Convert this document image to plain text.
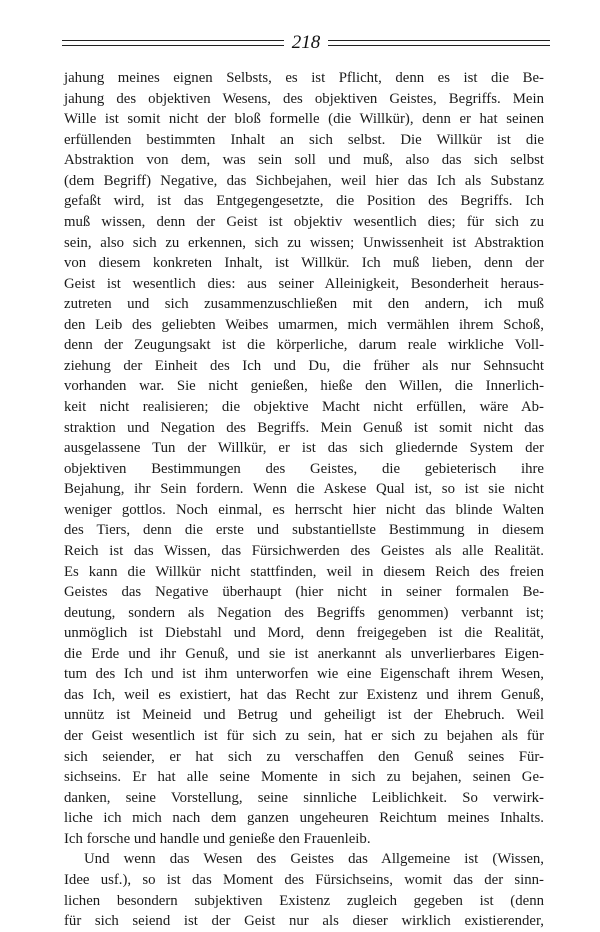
218
jahung meines eignen Selbsts, es ist Pflicht, denn es ist die Be-
jahung des objektiven Wesens, des objektiven Geistes, Begriffs. Mein
Wille ist somit nicht der bloß formelle (die Willkür), denn er hat seinen
erfüllenden bestimmten Inhalt an sich selbst. Die Willkür ist die
Abstraktion von dem, was sein soll und muß, also das sich selbst
(dem Begriff) Negative, das Sichbejahen, weil hier das Ich als Substanz
gefaßt wird, ist das Entgegengesetzte, die Position des Begriffs. Ich
muß wissen, denn der Geist ist objektiv wesentlich dies; für sich zu
sein, also sich zu erkennen, sich zu wissen; Unwissenheit ist Abstraktion
von diesem konkreten Inhalt, ist Willkür. Ich muß lieben, denn der
Geist ist wesentlich dies: aus seiner Alleinigkeit, Besonderheit heraus-
zutreten und sich zusammenzuschließen mit den andern, ich muß
den Leib des geliebten Weibes umarmen, mich vermählen ihrem Schoß,
denn der Zeugungsakt ist die körperliche, darum reale wirkliche Voll-
ziehung der Einheit des Ich und Du, die früher als nur Sehnsucht
vorhanden war. Sie nicht genießen, hieße den Willen, die Innerlich-
keit nicht realisieren; die objektive Macht nicht erfüllen, wäre Ab-
straktion und Negation des Begriffs. Mein Genuß ist somit nicht das
ausgelassene Tun der Willkür, er ist das sich gliedernde System der
objektiven Bestimmungen des Geistes, die gebieterisch ihre
Bejahung, ihr Sein fordern. Wenn die Askese Qual ist, so ist sie nicht
weniger gottlos. Noch einmal, es herrscht hier nicht das blinde Walten
des Tiers, denn die erste und substantiellste Bestimmung in diesem
Reich ist das Wissen, das Fürsichwerden des Geistes als alle Realität.
Es kann die Willkür nicht stattfinden, weil in diesem Reich des freien
Geistes das Negative überhaupt (hier nicht in seiner formalen Be-
deutung, sondern als Negation des Begriffs genommen) verbannt ist;
unmöglich ist Diebstahl und Mord, denn freigegeben ist die Realität,
die Erde und ihr Genuß, und sie ist anerkannt als unverlierbares Eigen-
tum des Ich und ist ihm unterworfen wie eine Eigenschaft ihrem Wesen,
das Ich, weil es existiert, hat das Recht zur Existenz und ihrem Genuß,
unnütz ist Meineid und Betrug und geheiligt ist der Ehebruch. Weil
der Geist wesentlich ist für sich zu sein, hat er sich zu bejahen als für
sich seiender, er hat sich zu verschaffen den Genuß seines Für-
sichseins. Er hat alle seine Momente in sich zu bejahen, seinen Ge-
danken, seine Vorstellung, seine sinnliche Leiblichkeit. So verwirk-
liche ich mich nach dem ganzen ungeheuren Reichtum meines Inhalts.
Ich forsche und handle und genieße den Frauenleib.
Und wenn das Wesen des Geistes das Allgemeine ist (Wissen,
Idee usf.), so ist das Moment des Fürsichseins, womit das der sinn-
lichen besondern subjektiven Existenz zugleich gegeben ist (denn
für sich seiend ist der Geist nur als dieser wirklich existierender,
